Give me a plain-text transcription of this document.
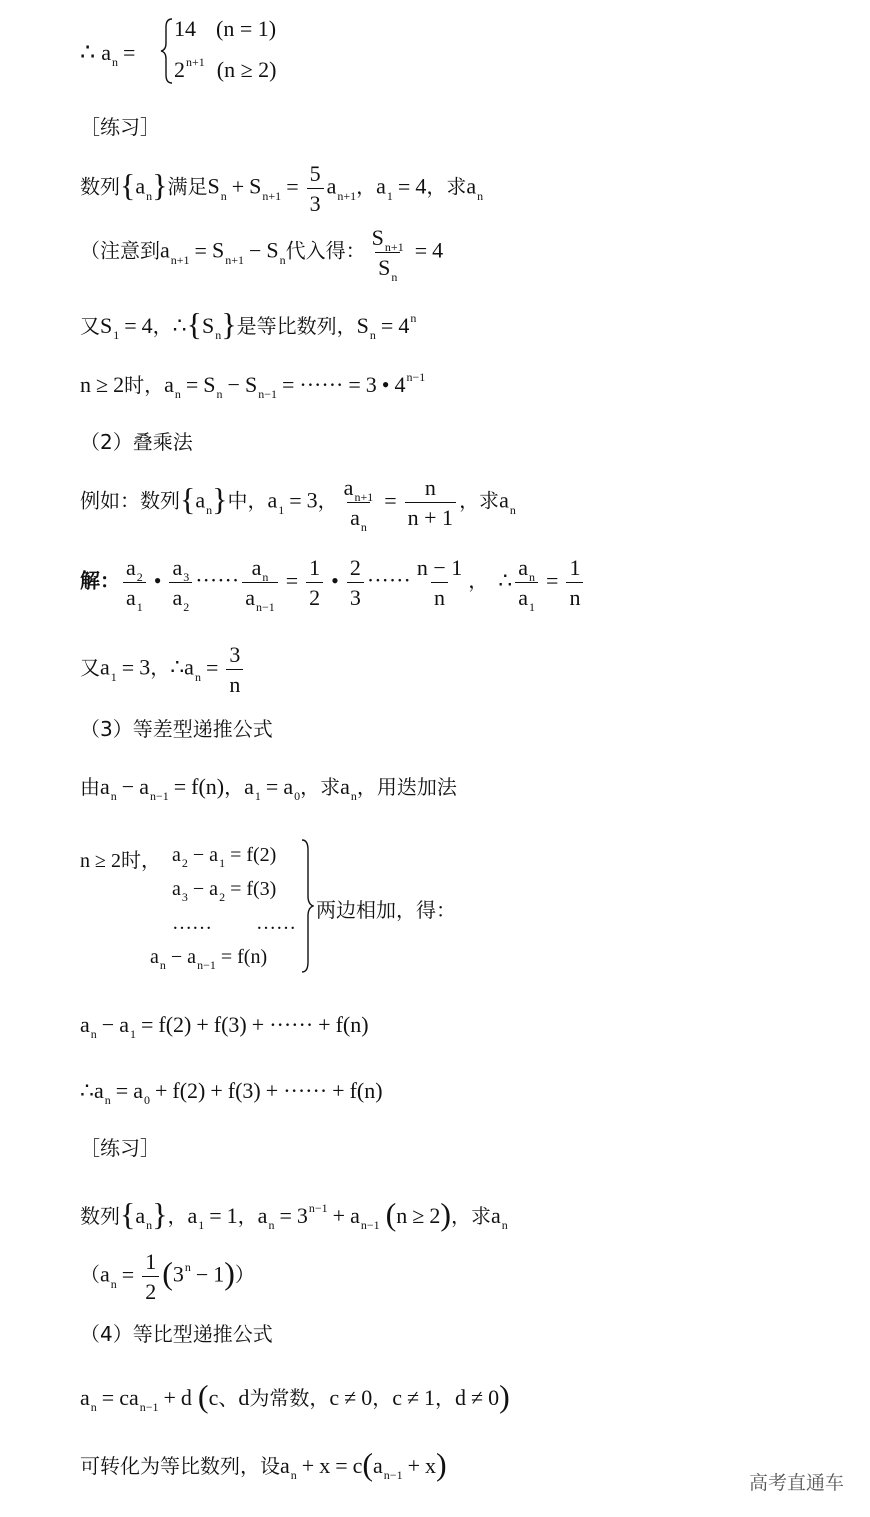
∴ $a_n$ =
14 (n = 1)
$2^{n+1}$ (n ≥ 2)
［练习］
数列$\{a_n\}$满足$S_n + S_{n+1} = \frac{5}{3} a_{n+1}$，$a_1 = 4$，求$a_n$
（注意到$a_{n+1} = S_{n+1} - S_n$代入得： $\frac{S_{n+1}}{S_n} = 4$
又$S_1 = 4$，$\therefore\{S_n\}$是等比数列，$S_n = 4^n$
n ≥ 2时，$a_n = S_n - S_{n-1}$ = ······ = 3 • $4^{n-1}$
（2）叠乘法
例如：数列$\{a_n\}$中，$a_1 = 3$， $\frac{a_{n+1}}{a_n} = \frac{n}{n + 1}$ ，求$a_n$
解： $\frac{a_2}{a_1}$ • $\frac{a_3}{a_2}$ ······ $\frac{a_n}{a_{n-1}} = \frac{1}{2}$ • $\frac{2}{3}$ ······ $\frac{n - 1}{n}$ ， ∴ $\frac{a_n}{a_1} = \frac{1}{n}$
又$a_1 = 3$，$\therefore a_n = \frac{3}{n}$
（3）等差型递推公式
由$a_n - a_{n-1} = f(n)$，$a_1 = a_0$，求$a_n$，用迭加法
n ≥ 2时， $a_2 - a_1 = f(2)$
$a_3 - a_2 = f(3)$
…… ……
$a_n - a_{n-1} = f(n)$
两边相加，得：
$a_n - a_1 = f(2) + f(3)$ + ······ + f(n)
$\therefore a_n = a_0 + f(2) + f(3)$ + ······ + f(n)
［练习］
数列$\{a_n\}$，$a_1 = 1$，$a_n = 3^{n-1} + a_{n-1}$ (n ≥ 2)，求$a_n$
$(a_n = \frac{1}{2} (3^n - 1))$
（4）等比型递推公式
$a_n = ca_{n-1} + d$ (c、d为常数，c ≠ 0，c ≠ 1，d ≠ 0)
可转化为等比数列，设$a_n + x = c(a_{n-1} + x)$
高考直通车
